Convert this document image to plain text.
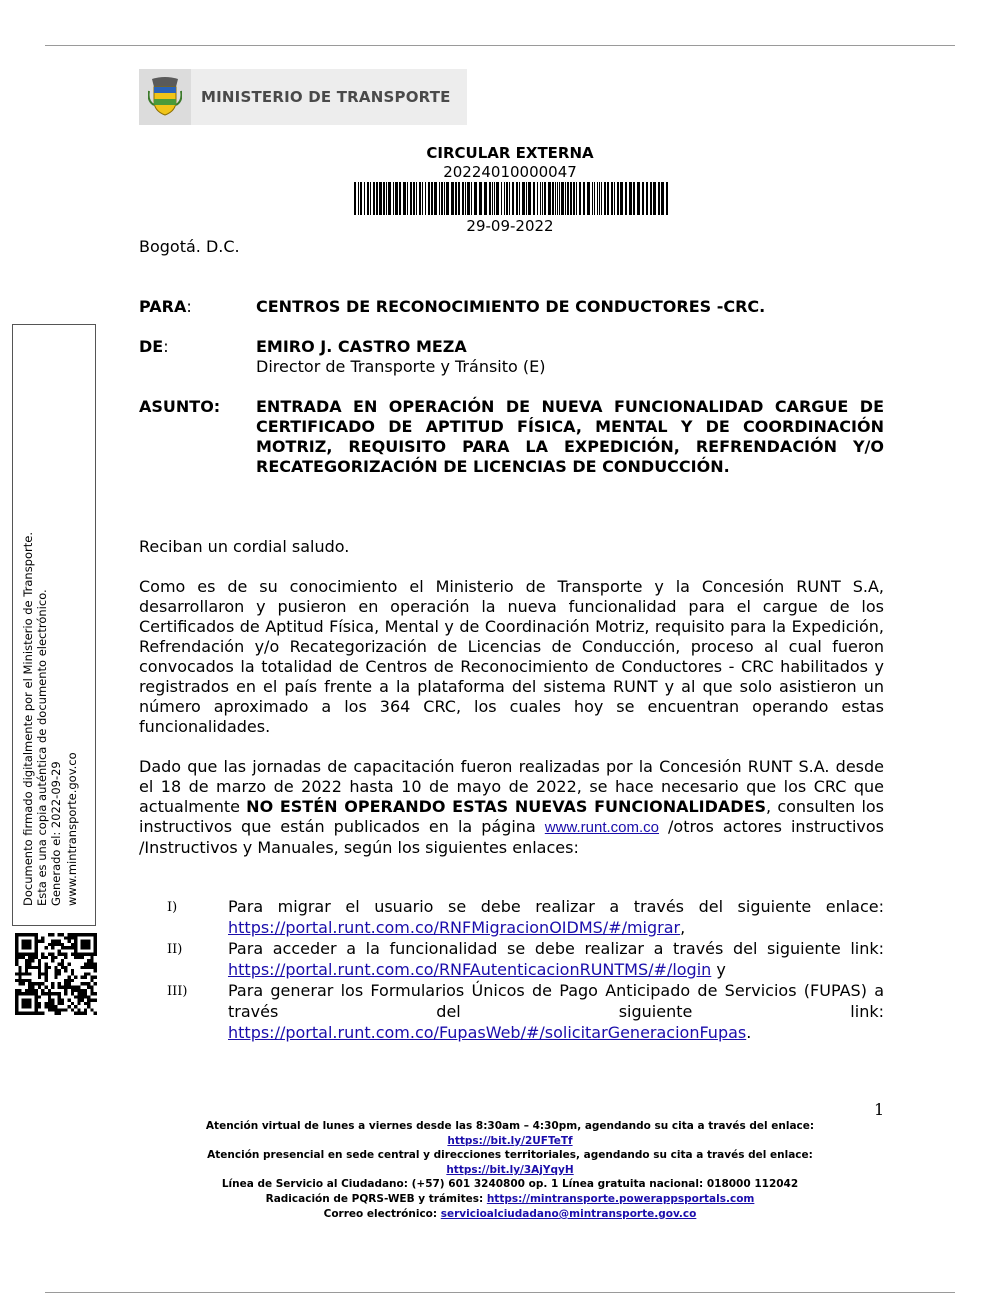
MINISTERIO DE TRANSPORTE
CIRCULAR EXTERNA
20224010000047
29-09-2022
Bogotá. D.C.
PARA:	CENTROS DE RECONOCIMIENTO DE CONDUCTORES -CRC.
DE:	EMIRO J. CASTRO MEZA
Director de Transporte y Tránsito (E)
ASUNTO: ENTRADA EN OPERACIÓN DE NUEVA FUNCIONALIDAD CARGUE DE CERTIFICADO DE APTITUD FÍSICA, MENTAL Y DE COORDINACIÓN MOTRIZ, REQUISITO PARA LA EXPEDICIÓN, REFRENDACIÓN Y/O RECATEGORIZACIÓN DE LICENCIAS DE CONDUCCIÓN.
Reciban un cordial saludo.
Como es de su conocimiento el Ministerio de Transporte y la Concesión RUNT S.A, desarrollaron y pusieron en operación la nueva funcionalidad para el cargue de los Certificados de Aptitud Física, Mental y de Coordinación Motriz, requisito para la Expedición, Refrendación y/o Recategorización de Licencias de Conducción, proceso al cual fueron convocados la totalidad de Centros de Reconocimiento de Conductores - CRC habilitados y registrados en el país frente a la plataforma del sistema RUNT y al que solo asistieron un número aproximado a los 364 CRC, los cuales hoy se encuentran operando estas funcionalidades.
Dado que las jornadas de capacitación fueron realizadas por la Concesión RUNT S.A. desde el 18 de marzo de 2022 hasta 10 de mayo de 2022, se hace necesario que los CRC que actualmente NO ESTÉN OPERANDO ESTAS NUEVAS FUNCIONALIDADES, consulten los instructivos que están publicados en la página www.runt.com.co /otros actores instructivos /Instructivos y Manuales, según los siguientes enlaces:
I)	Para migrar el usuario se debe realizar a través del siguiente enlace: https://portal.runt.com.co/RNFMigracionOIDMS/#/migrar,
II)	Para acceder a la funcionalidad se debe realizar a través del siguiente link: https://portal.runt.com.co/RNFAutenticacionRUNTMS/#/login y
III)	Para generar los Formularios Únicos de Pago Anticipado de Servicios (FUPAS) a través del siguiente link: https://portal.runt.com.co/FupasWeb/#/solicitarGeneracionFupas.
1
Atención virtual de lunes a viernes desde las 8:30am – 4:30pm, agendando su cita a través del enlace:
https://bit.ly/2UFTeTf
Atención presencial en sede central y direcciones territoriales, agendando su cita a través del enlace:
https://bit.ly/3AjYqyH
Línea de Servicio al Ciudadano: (+57) 601 3240800 op. 1 Línea gratuita nacional: 018000 112042
Radicación de PQRS-WEB y trámites: https://mintransporte.powerappsportals.com
Correo electrónico: servicioalciudadano@mintransporte.gov.co
Documento firmado digitalmente por el Ministerio de Transporte. Esta es una copia auténtica de documento electrónico. Generado el: 2022-09-29 www.mintransporte.gov.co
